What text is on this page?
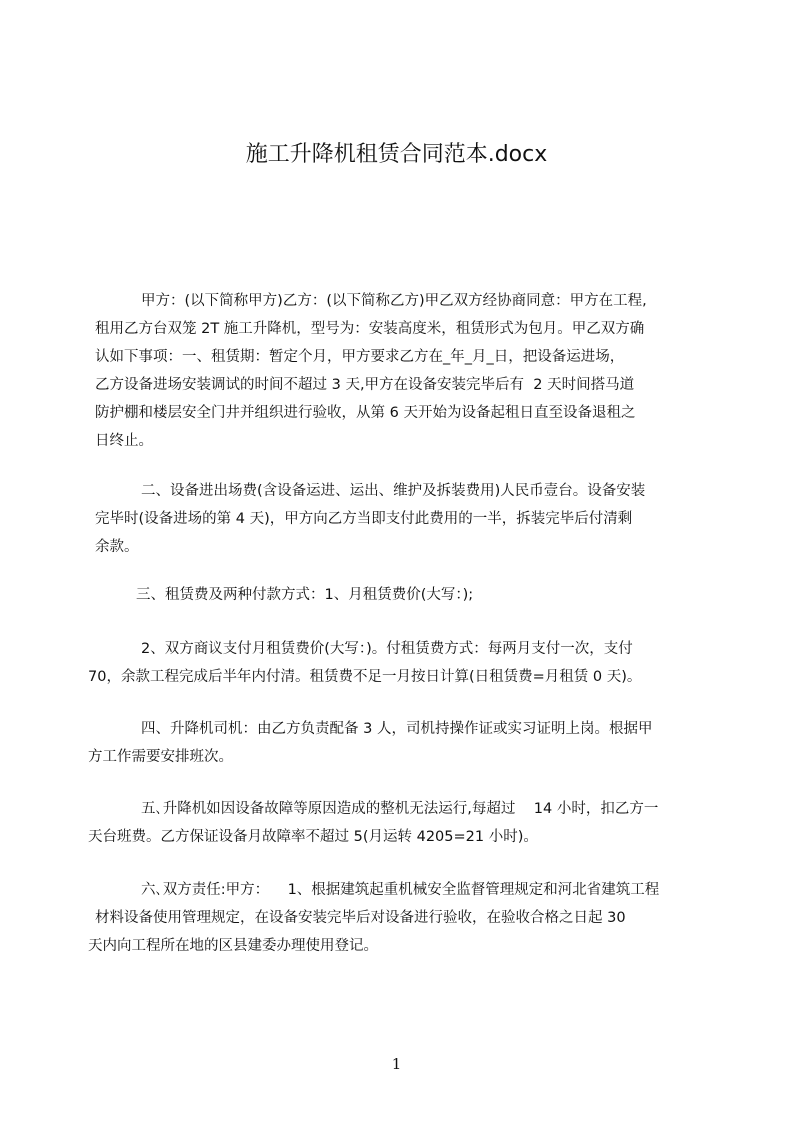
施工升降机租赁合同范本.docx
甲方：(以下简称甲方)乙方：(以下简称乙方)甲乙双方经协商同意：甲方在工程,
租用乙方台双笼 2T 施工升降机，型号为：安装高度米，租赁形式为包月。甲乙双方确
认如下事项：一、租赁期：暂定个月，甲方要求乙方在_年_月_日，把设备运进场，
乙方设备进场安装调试的时间不超过 3 天,甲方在设备安装完毕后有  2 天时间搭马道
防护棚和楼层安全门井并组织进行验收，从第 6 天开始为设备起租日直至设备退租之
日终止。
二、设备进出场费(含设备运进、运出、维护及拆装费用)人民币壹台。设备安装
完毕时(设备进场的第 4 天)，甲方向乙方当即支付此费用的一半，拆装完毕后付清剩
余款。
三、租赁费及两种付款方式：1、月租赁费价(大写：);
2、双方商议支付月租赁费价(大写：)。付租赁费方式：每两月支付一次，支付
70，余款工程完成后半年内付清。租赁费不足一月按日计算(日租赁费=月租赁 0 天)。
四、升降机司机：由乙方负责配备 3 人，司机持操作证或实习证明上岗。根据甲
方工作需要安排班次。
五､升降机如因设备故障等原因造成的整机无法运行,每超过    14 小时，扣乙方一
天台班费。乙方保证设备月故障率不超过 5(月运转 4205=21 小时)。
六､双方责任:甲方：    1、根据建筑起重机械安全监督管理规定和河北省建筑工程
材料设备使用管理规定，在设备安装完毕后对设备进行验收，在验收合格之日起 30
天内向工程所在地的区县建委办理使用登记。
1
